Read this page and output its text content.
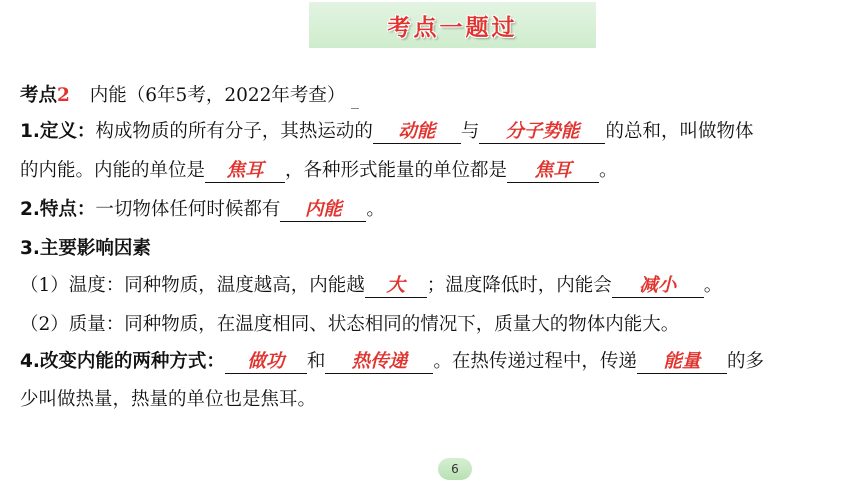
考点一题过
考点2 内能（6年5考，2022年考查）
1.定义：构成物质的所有分子，其热运动的 动能 与 分子势能 的总和，叫做物体
的内能。内能的单位是 焦耳 ，各种形式能量的单位都是 焦耳 。
2.特点：一切物体任何时候都有 内能 。
3.主要影响因素
（1）温度：同种物质，温度越高，内能越 大 ；温度降低时，内能会 减小 。
（2）质量：同种物质，在温度相同、状态相同的情况下，质量大的物体内能大。
4.改变内能的两种方式： 做功 和 热传递 。在热传递过程中，传递 能量 的多
少叫做热量，热量的单位也是焦耳。
6
